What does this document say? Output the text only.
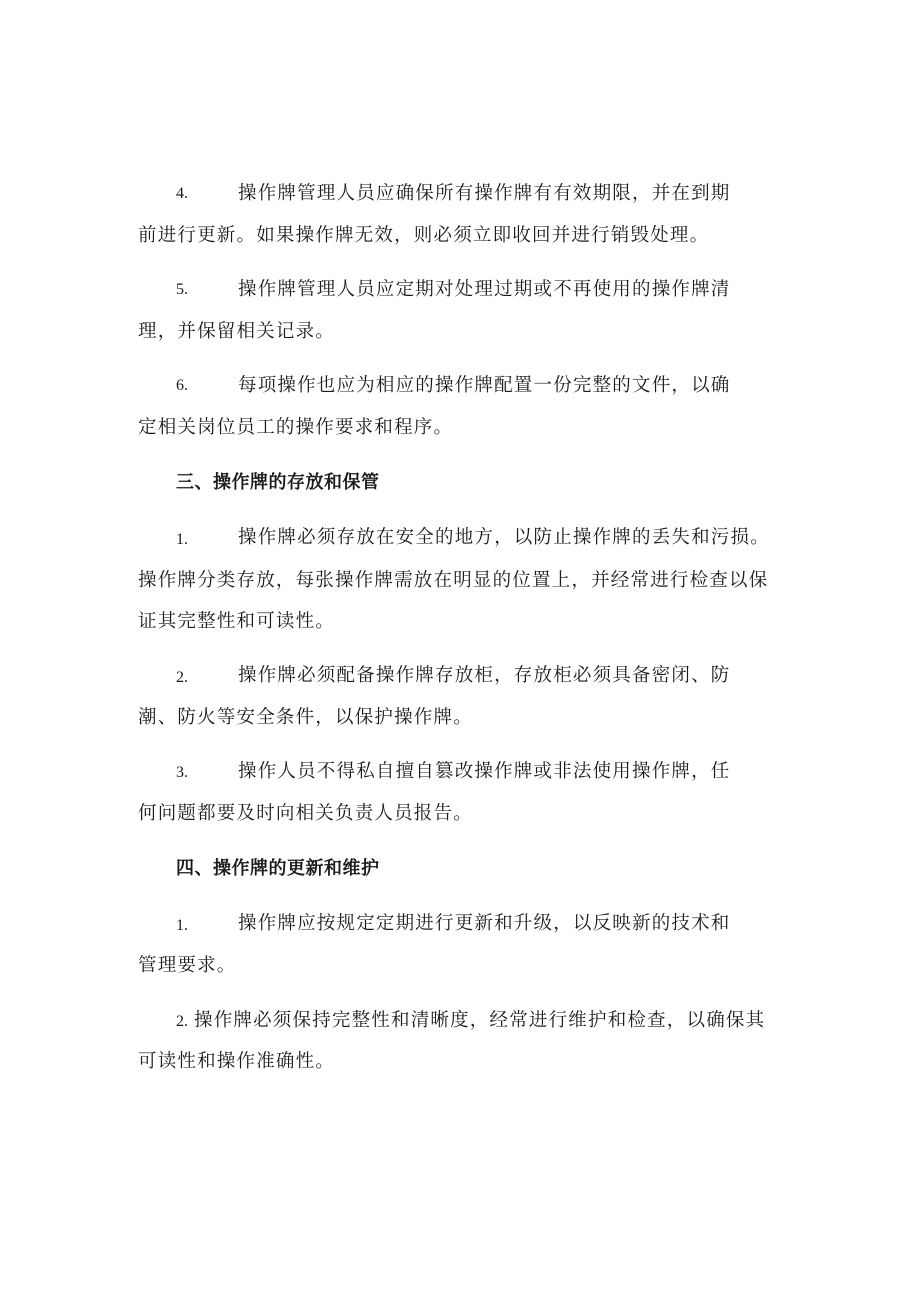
4.	操作牌管理人员应确保所有操作牌有有效期限，并在到期
前进行更新。如果操作牌无效，则必须立即收回并进行销毁处理。
5.	操作牌管理人员应定期对处理过期或不再使用的操作牌清
理，并保留相关记录。
6.	每项操作也应为相应的操作牌配置一份完整的文件，以确
定相关岗位员工的操作要求和程序。
三、操作牌的存放和保管
1.	操作牌必须存放在安全的地方，以防止操作牌的丢失和污损。
操作牌分类存放，每张操作牌需放在明显的位置上，并经常进行检查以保
证其完整性和可读性。
2.	操作牌必须配备操作牌存放柜，存放柜必须具备密闭、防
潮、防火等安全条件，以保护操作牌。
3.	操作人员不得私自擅自篡改操作牌或非法使用操作牌，任
何问题都要及时向相关负责人员报告。
四、操作牌的更新和维护
1.	操作牌应按规定定期进行更新和升级，以反映新的技术和
管理要求。
2. 操作牌必须保持完整性和清晰度，经常进行维护和检查，以确保其
可读性和操作准确性。
